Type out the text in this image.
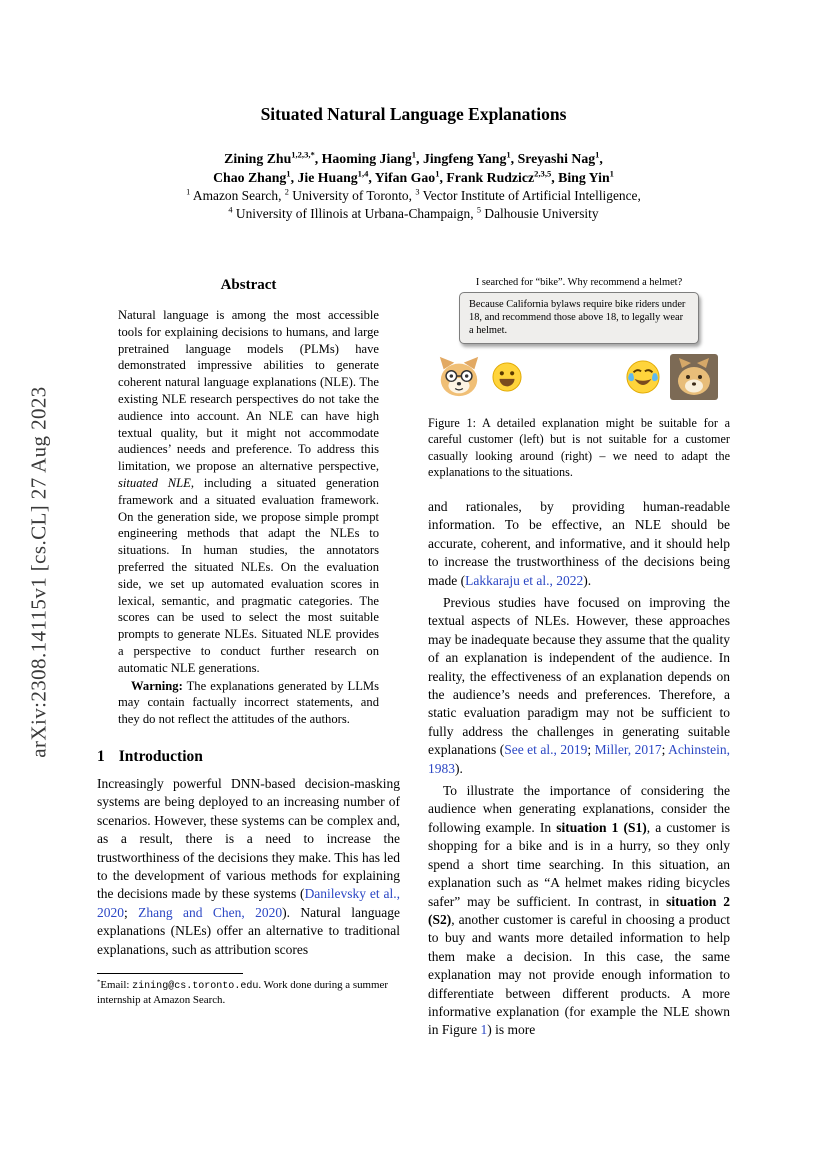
arXiv:2308.14115v1 [cs.CL] 27 Aug 2023
Situated Natural Language Explanations
Zining Zhu$^{1,2,3,*}$, Haoming Jiang$^1$, Jingfeng Yang$^1$, Sreyashi Nag$^1$,
Chao Zhang$^1$, Jie Huang$^{1,4}$, Yifan Gao$^1$, Frank Rudzicz$^{2,3,5}$, Bing Yin$^1$
$^1$ Amazon Search, $^2$ University of Toronto, $^3$ Vector Institute of Artificial Intelligence,
$^4$ University of Illinois at Urbana-Champaign, $^5$ Dalhousie University
Abstract

Natural language is among the most accessible tools for explaining decisions to humans, and large pretrained language models (PLMs) have demonstrated impressive abilities to generate coherent natural language explanations (NLE). The existing NLE research perspectives do not take the audience into account. An NLE can have high textual quality, but it might not accommodate audiences’ needs and preference. To address this limitation, we propose an alternative perspective, situated NLE, including a situated generation framework and a situated evaluation framework. On the generation side, we propose simple prompt engineering methods that adapt the NLEs to situations. In human studies, the annotators preferred the situated NLEs. On the evaluation side, we set up automated evaluation scores in lexical, semantic, and pragmatic categories. The scores can be used to select the most suitable prompts to generate NLEs. Situated NLE provides a perspective to conduct further research on automatic NLE generations.

Warning: The explanations generated by LLMs may contain factually incorrect statements, and they do not reflect the attitudes of the authors.

1 Introduction

Increasingly powerful DNN-based decision-masking systems are being deployed to an increasing number of scenarios. However, these systems can be complex and, as a result, there is a need to increase the trustworthiness of the decisions they make. This has led to the development of various methods for explaining the decisions made by these systems (Danilevsky et al., 2020; Zhang and Chen, 2020). Natural language explanations (NLEs) offer an alternative to traditional explanations, such as attribution scores

*Email: zining@cs.toronto.edu. Work done during a summer internship at Amazon Search.

I searched for “bike”. Why recommend a helmet?
Because California bylaws require bike riders under 18, and recommend those above 18, to legally wear a helmet.
Figure 1: A detailed explanation might be suitable for a careful customer (left) but is not suitable for a customer casually looking around (right) – we need to adapt the explanations to the situations.

and rationales, by providing human-readable information. To be effective, an NLE should be accurate, coherent, and informative, and it should help to increase the trustworthiness of the decisions being made (Lakkaraju et al., 2022).

Previous studies have focused on improving the textual aspects of NLEs. However, these approaches may be inadequate because they assume that the quality of an explanation is independent of the audience. In reality, the effectiveness of an explanation depends on the audience’s needs and preferences. Therefore, a static evaluation paradigm may not be sufficient to fully address the challenges in generating suitable explanations (See et al., 2019; Miller, 2017; Achinstein, 1983).

To illustrate the importance of considering the audience when generating explanations, consider the following example. In situation 1 (S1), a customer is shopping for a bike and is in a hurry, so they only spend a short time searching. In this situation, an explanation such as “A helmet makes riding bicycles safer” may be sufficient. In contrast, in situation 2 (S2), another customer is careful in choosing a product to buy and wants more detailed information to help them make a decision. In this case, the same explanation may not provide enough information to differentiate between different products. A more informative explanation (for example the NLE shown in Figure 1) is more
